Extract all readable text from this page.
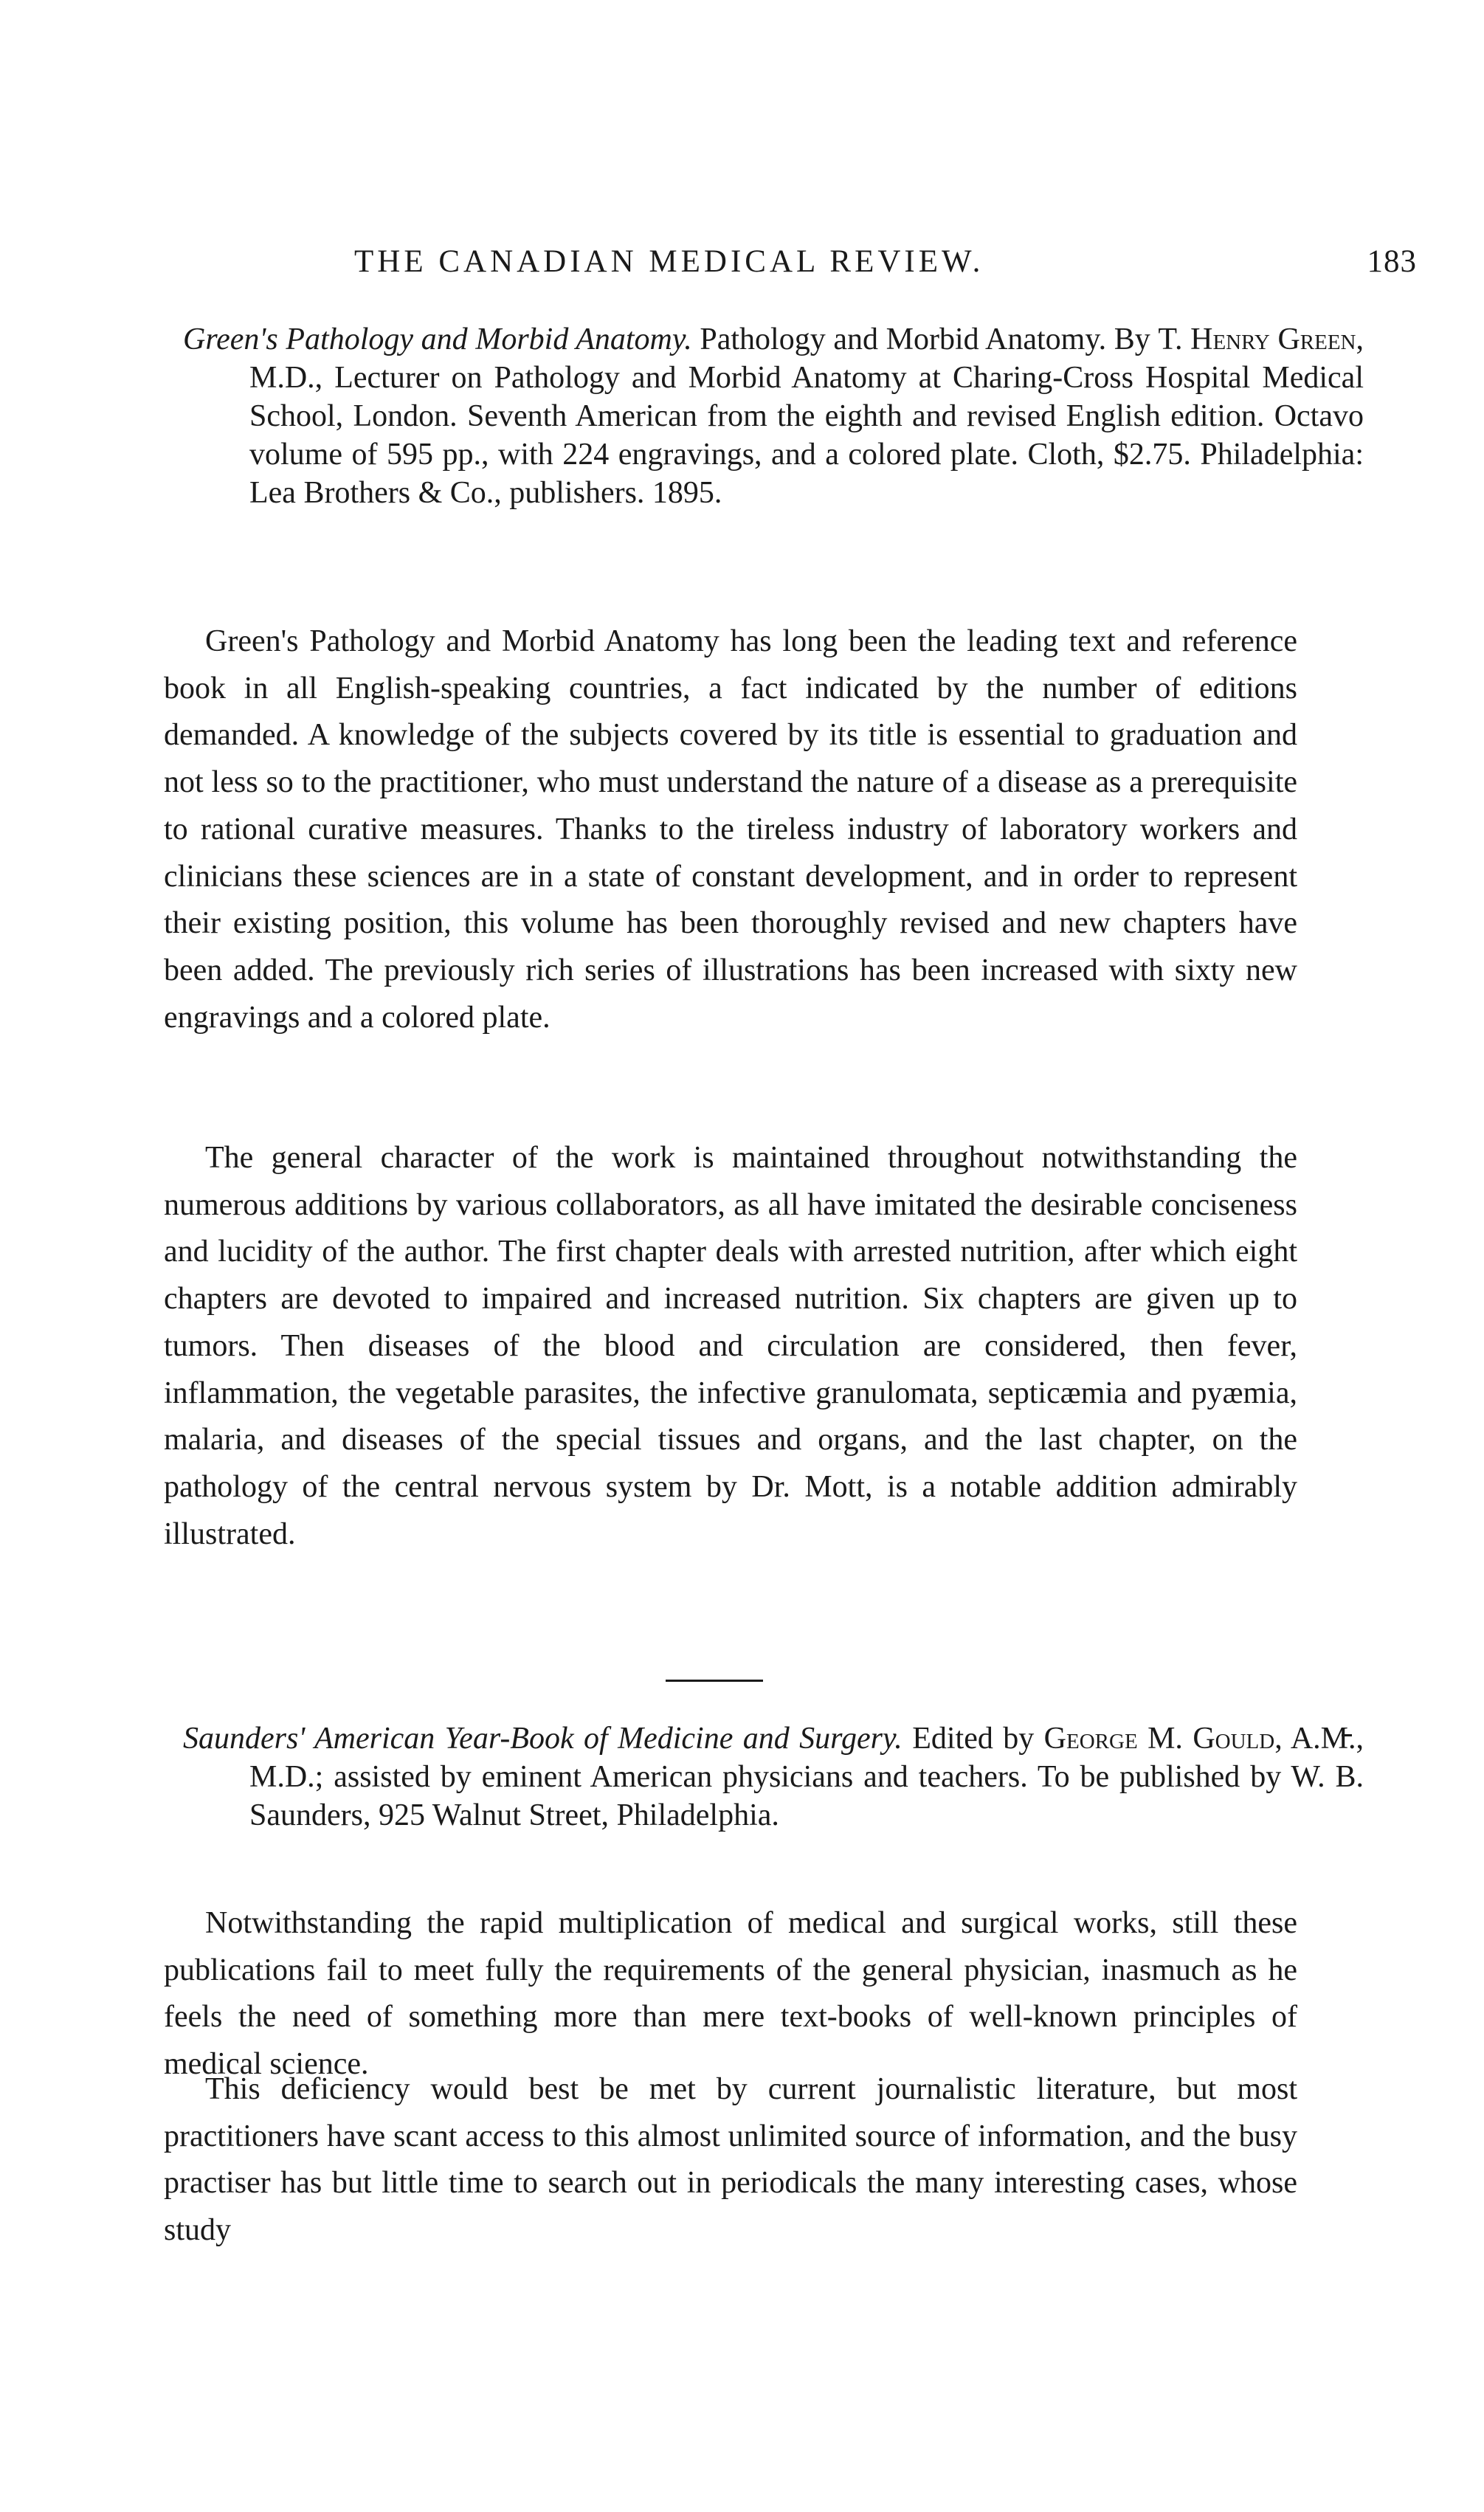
THE CANADIAN MEDICAL REVIEW.	183
Green's Pathology and Morbid Anatomy. Pathology and Morbid Anatomy. By T. Henry Green, M.D., Lecturer on Pathology and Morbid Anatomy at Charing-Cross Hospital Medical School, London. Seventh American from the eighth and revised English edition. Octavo volume of 595 pp., with 224 engravings, and a colored plate. Cloth, $2.75. Philadelphia: Lea Brothers & Co., publishers. 1895.

Green's Pathology and Morbid Anatomy has long been the leading text and reference book in all English-speaking countries, a fact indicated by the number of editions demanded. A knowledge of the subjects covered by its title is essential to graduation and not less so to the practitioner, who must understand the nature of a disease as a prerequisite to rational curative measures. Thanks to the tireless industry of laboratory workers and clinicians these sciences are in a state of constant development, and in order to represent their existing position, this volume has been thoroughly revised and new chapters have been added. The previously rich series of illustrations has been increased with sixty new engravings and a colored plate.

The general character of the work is maintained throughout notwithstanding the numerous additions by various collaborators, as all have imitated the desirable conciseness and lucidity of the author. The first chapter deals with arrested nutrition, after which eight chapters are devoted to impaired and increased nutrition. Six chapters are given up to tumors. Then diseases of the blood and circulation are considered, then fever, inflammation, the vegetable parasites, the infective granulomata, septicæmia and pyæmia, malaria, and diseases of the special tissues and organs, and the last chapter, on the pathology of the central nervous system by Dr. Mott, is a notable addition admirably illustrated.

Saunders' American Year-Book of Medicine and Surgery. Edited by George M. Gould, A.M., M.D.; assisted by eminent American physicians and teachers. To be published by W. B. Saunders, 925 Walnut Street, Philadelphia.

Notwithstanding the rapid multiplication of medical and surgical works, still these publications fail to meet fully the requirements of the general physician, inasmuch as he feels the need of something more than mere text-books of well-known principles of medical science.

This deficiency would best be met by current journalistic literature, but most practitioners have scant access to this almost unlimited source of information, and the busy practiser has but little time to search out in periodicals the many interesting cases, whose study
